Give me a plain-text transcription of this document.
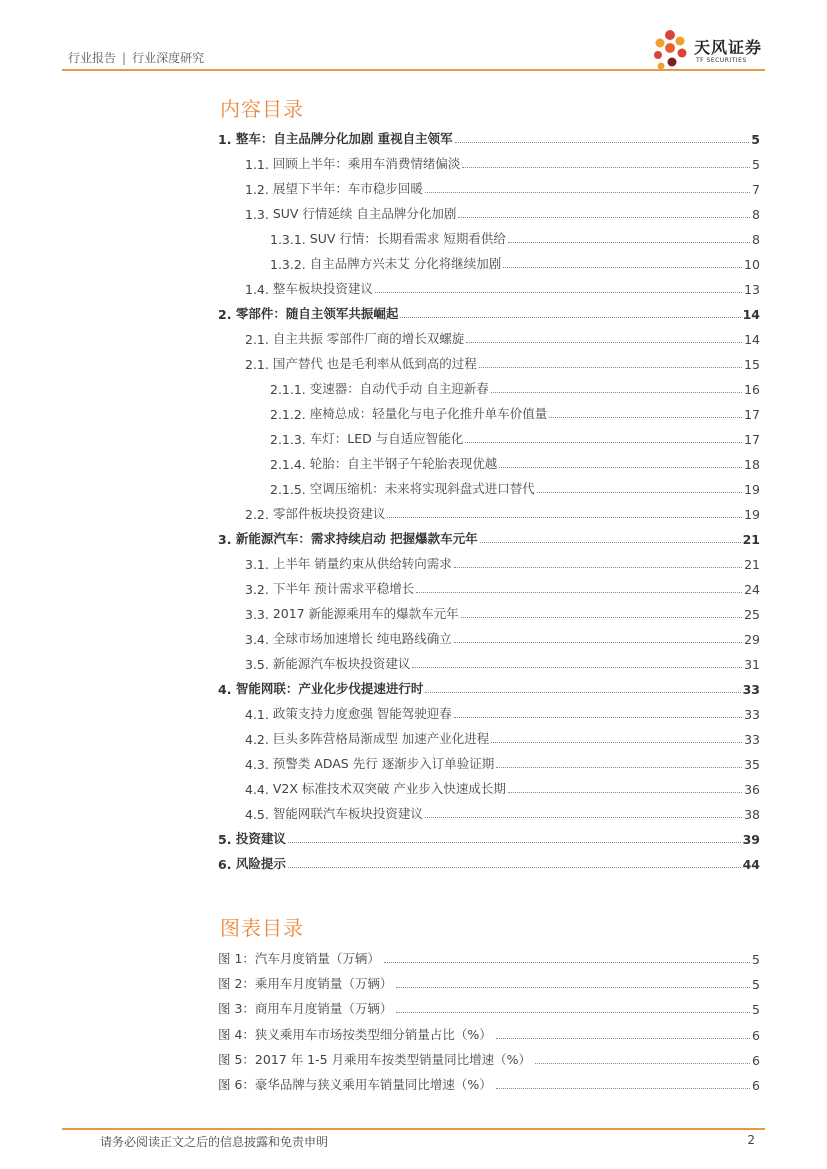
行业报告 | 行业深度研究
天风证券
TF SECURITIES
内容目录
1. 整车：自主品牌分化加剧 重视自主领军	5
1.1. 回顾上半年：乘用车消费情绪偏淡	5
1.2. 展望下半年：车市稳步回暖	7
1.3. SUV 行情延续 自主品牌分化加剧	8
1.3.1. SUV 行情：长期看需求 短期看供给	8
1.3.2. 自主品牌方兴未艾 分化将继续加剧	10
1.4. 整车板块投资建议	13
2. 零部件：随自主领军共振崛起	14
2.1. 自主共振 零部件厂商的增长双螺旋	14
2.1. 国产替代 也是毛利率从低到高的过程	15
2.1.1. 变速器：自动代手动 自主迎新春	16
2.1.2. 座椅总成：轻量化与电子化推升单车价值量	17
2.1.3. 车灯：LED 与自适应智能化	17
2.1.4. 轮胎：自主半钢子午轮胎表现优越	18
2.1.5. 空调压缩机：未来将实现斜盘式进口替代	19
2.2. 零部件板块投资建议	19
3. 新能源汽车：需求持续启动 把握爆款车元年	21
3.1. 上半年 销量约束从供给转向需求	21
3.2. 下半年 预计需求平稳增长	24
3.3. 2017 新能源乘用车的爆款车元年	25
3.4. 全球市场加速增长 纯电路线确立	29
3.5. 新能源汽车板块投资建议	31
4. 智能网联：产业化步伐提速进行时	33
4.1. 政策支持力度愈强 智能驾驶迎春	33
4.2. 巨头多阵营格局渐成型 加速产业化进程	33
4.3. 预警类 ADAS 先行 逐渐步入订单验证期	35
4.4. V2X 标准技术双突破 产业步入快速成长期	36
4.5. 智能网联汽车板块投资建议	38
5. 投资建议	39
6. 风险提示	44
图表目录
图 1：汽车月度销量（万辆）	5
图 2：乘用车月度销量（万辆）	5
图 3：商用车月度销量（万辆）	5
图 4：狭义乘用车市场按类型细分销量占比（%）	6
图 5：2017 年 1-5 月乘用车按类型销量同比增速（%）	6
图 6：豪华品牌与狭义乘用车销量同比增速（%）	6
请务必阅读正文之后的信息披露和免责申明	2
